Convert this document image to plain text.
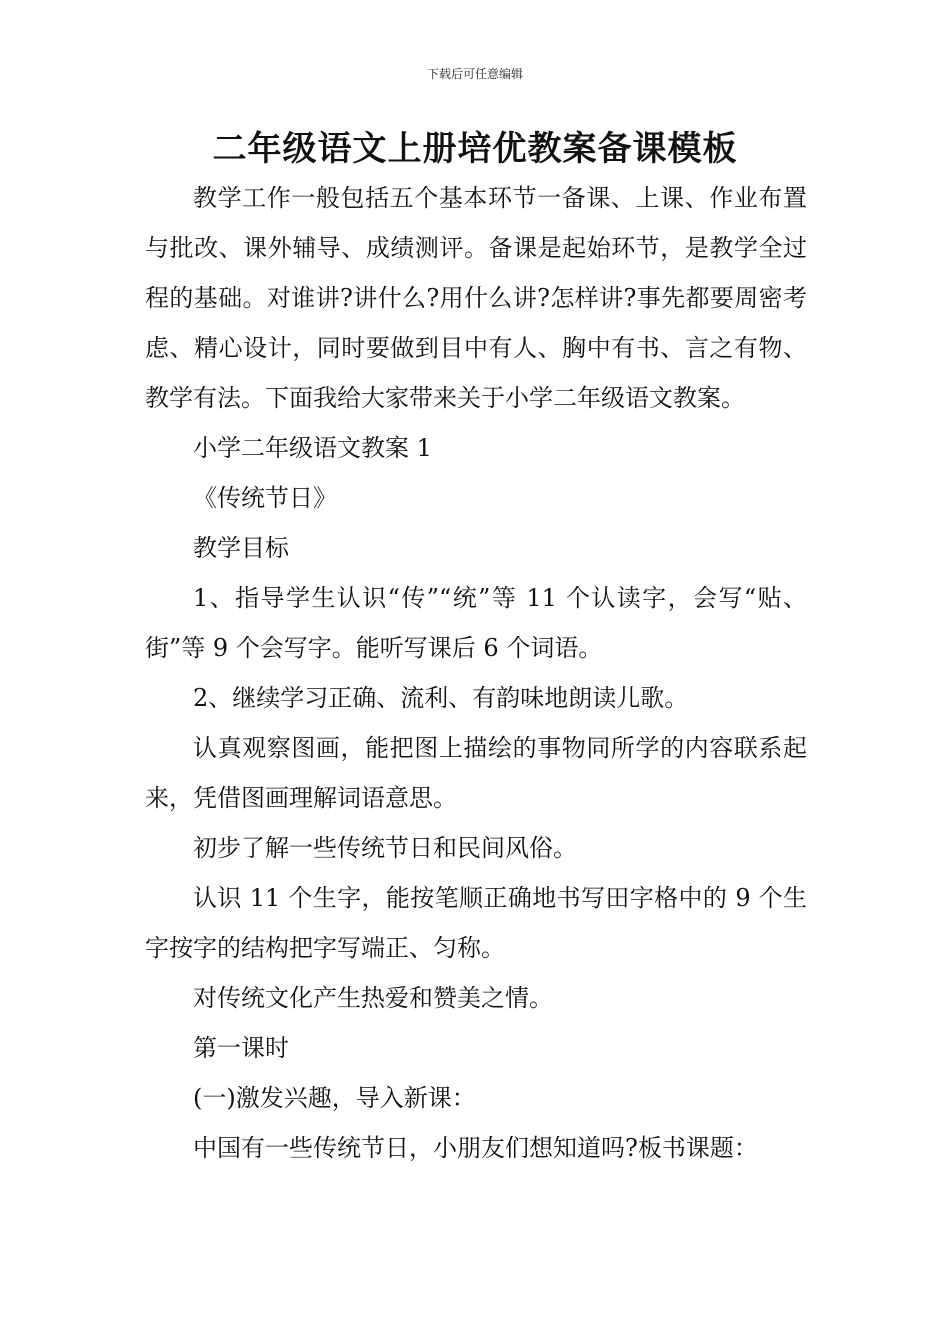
下载后可任意编辑
二年级语文上册培优教案备课模板

教学工作一般包括五个基本环节一备课、上课、作业布置与批改、课外辅导、成绩测评。备课是起始环节，是教学全过程的基础。对谁讲?讲什么?用什么讲?怎样讲?事先都要周密考虑、精心设计，同时要做到目中有人、胸中有书、言之有物、教学有法。下面我给大家带来关于小学二年级语文教案。

小学二年级语文教案 1

《传统节日》

教学目标

1、指导学生认识“传”“统”等 11 个认读字，会写“贴、街”等 9 个会写字。能听写课后 6 个词语。

2、继续学习正确、流利、有韵味地朗读儿歌。

认真观察图画，能把图上描绘的事物同所学的内容联系起来，凭借图画理解词语意思。

初步了解一些传统节日和民间风俗。

认识 11 个生字，能按笔顺正确地书写田字格中的 9 个生字按字的结构把字写端正、匀称。

对传统文化产生热爱和赞美之情。

第一课时

(一)激发兴趣，导入新课：

中国有一些传统节日，小朋友们想知道吗?板书课题：
